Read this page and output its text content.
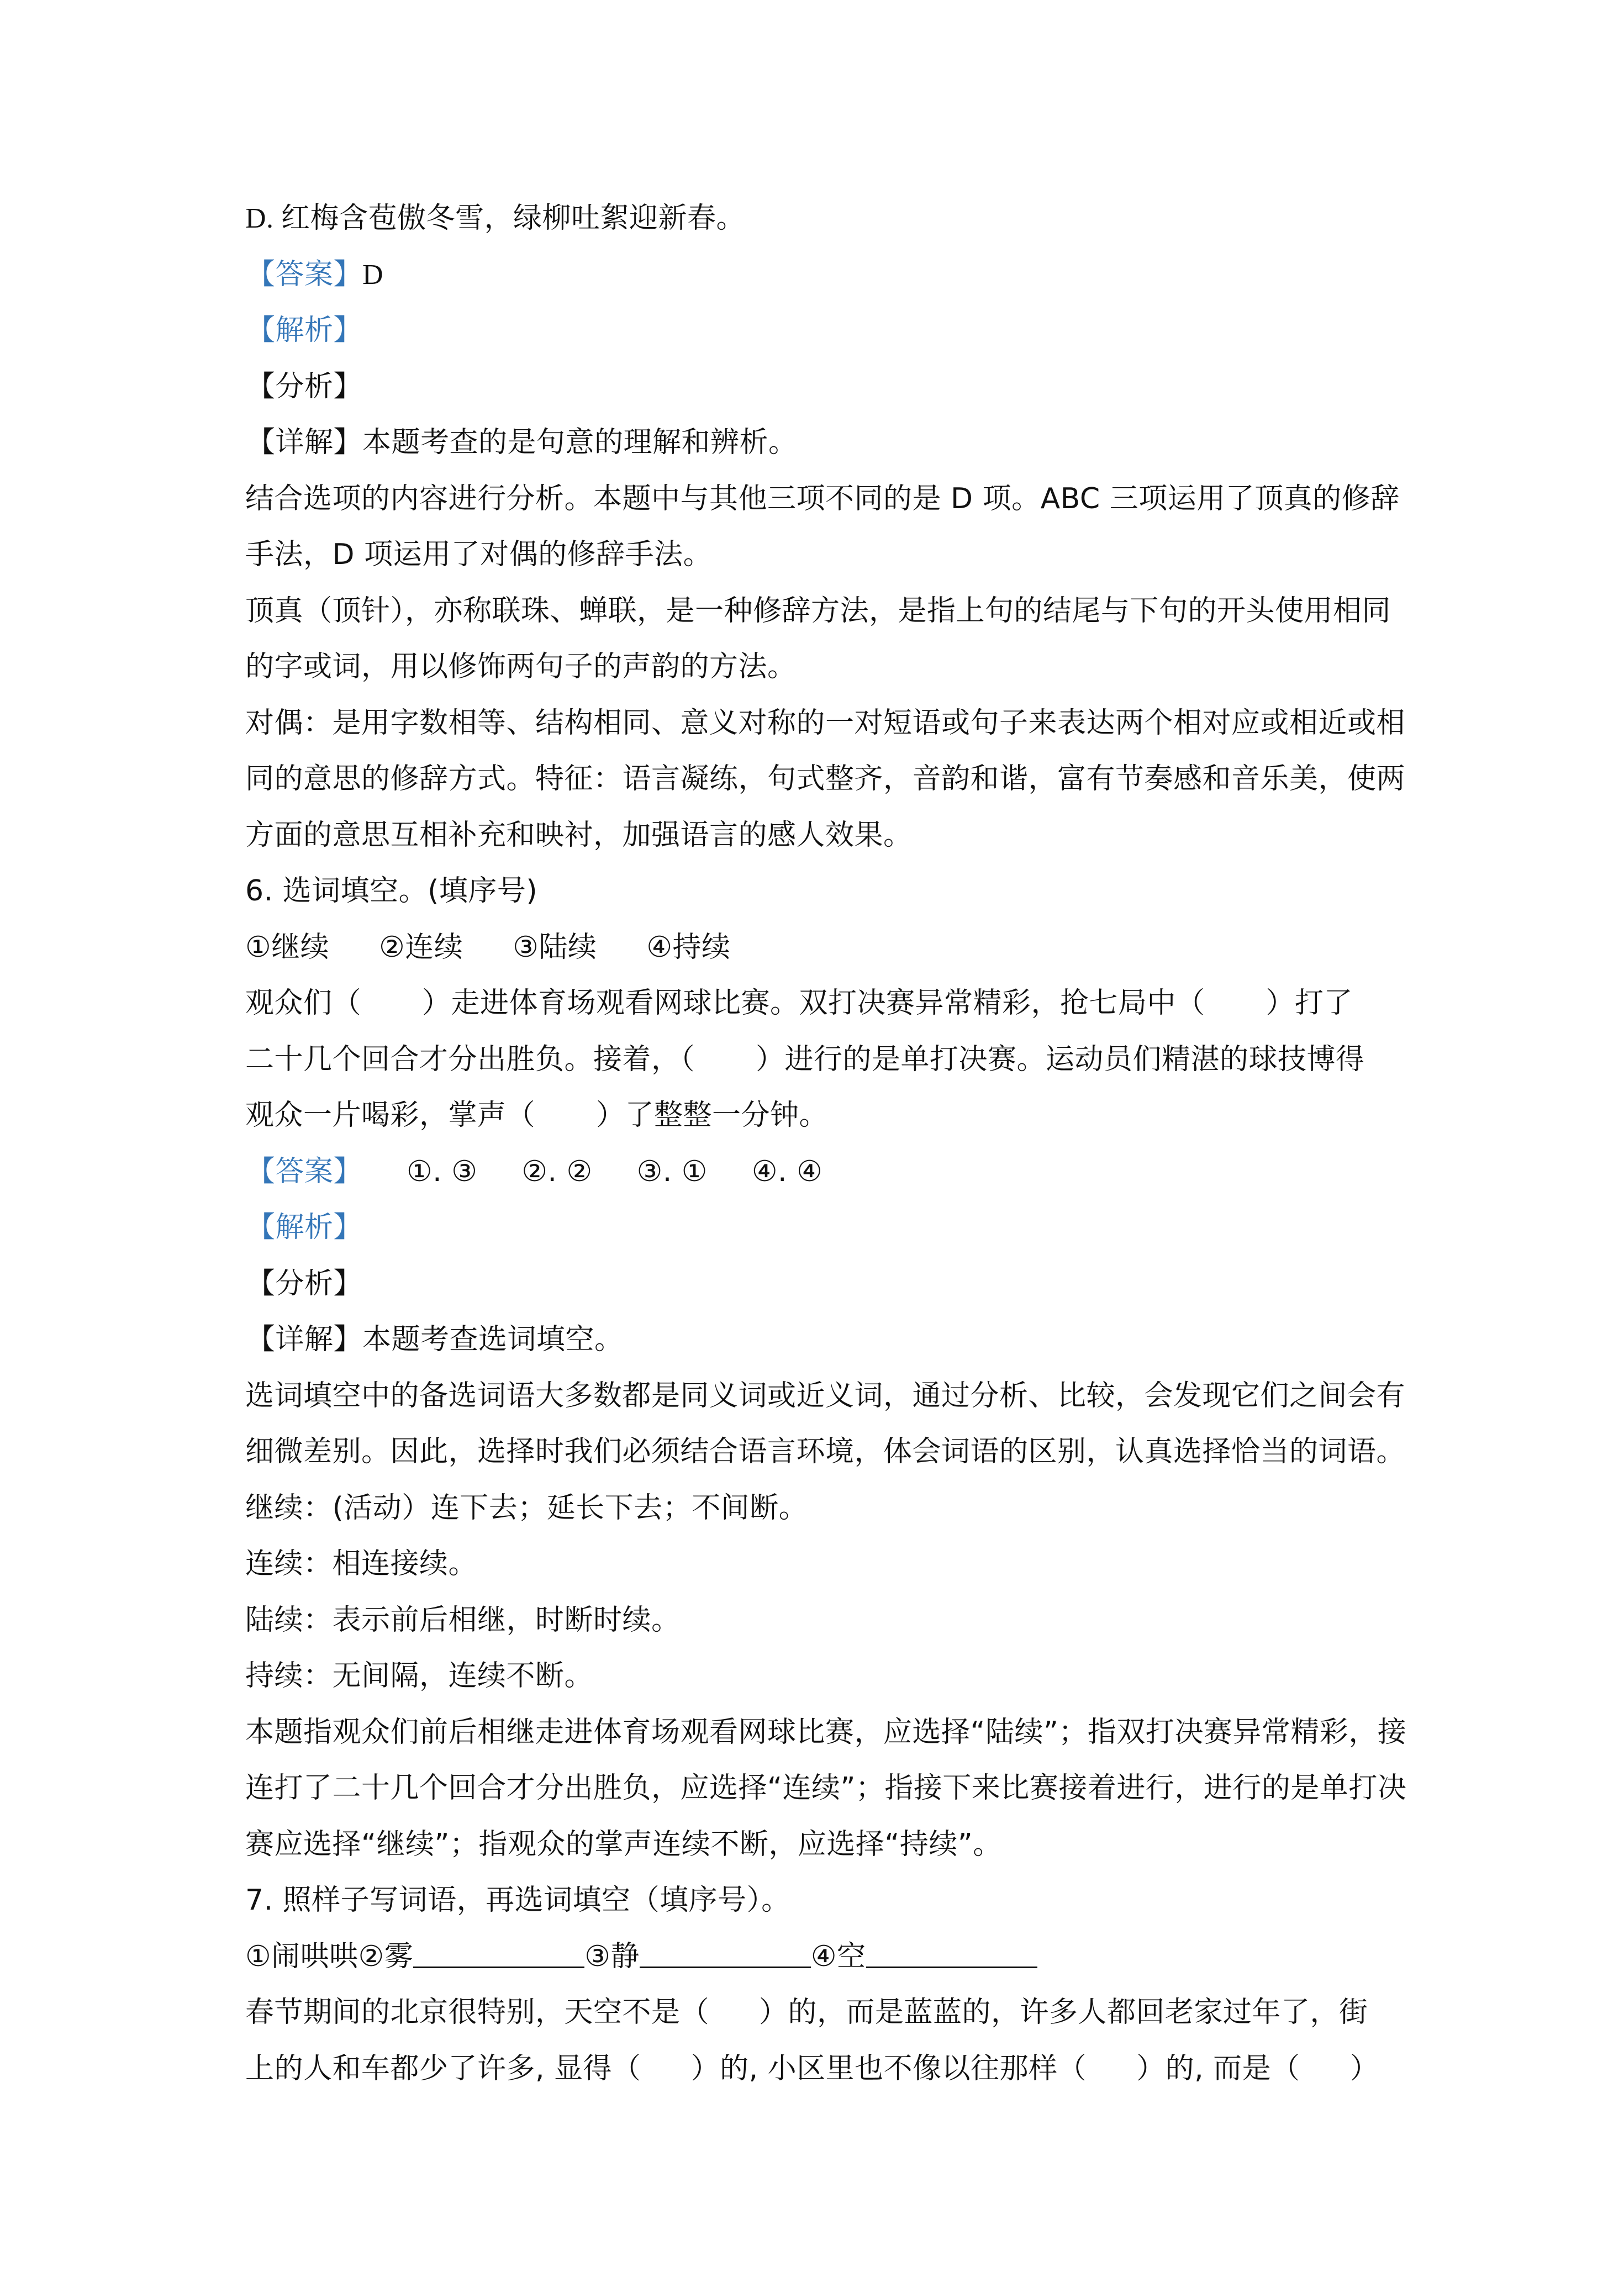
D. 红梅含苞傲冬雪，绿柳吐絮迎新春。
【答案】D
【解析】
【分析】
【详解】本题考查的是句意的理解和辨析。
结合选项的内容进行分析。本题中与其他三项不同的是 D 项。ABC 三项运用了顶真的修辞
手法，D 项运用了对偶的修辞手法。
顶真（顶针），亦称联珠、蝉联，是一种修辞方法，是指上句的结尾与下句的开头使用相同
的字或词，用以修饰两句子的声韵的方法。
对偶：是用字数相等、结构相同、意义对称的一对短语或句子来表达两个相对应或相近或相
同的意思的修辞方式。特征：语言凝练，句式整齐，音韵和谐，富有节奏感和音乐美，使两
方面的意思互相补充和映衬，加强语言的感人效果。
6. 选词填空。(填序号)
①继续 ②连续 ③陆续 ④持续
观众们（ ）走进体育场观看网球比赛。双打决赛异常精彩，抢七局中（ ）打了
二十几个回合才分出胜负。接着，（ ）进行的是单打决赛。运动员们精湛的球技博得
观众一片喝彩，掌声（ ）了整整一分钟。
【答案】 ①. ③ ②. ② ③. ① ④. ④
【解析】
【分析】
【详解】本题考查选词填空。
选词填空中的备选词语大多数都是同义词或近义词，通过分析、比较，会发现它们之间会有
细微差别。因此，选择时我们必须结合语言环境，体会词语的区别，认真选择恰当的词语。
继续：(活动）连下去；延长下去；不间断。
连续：相连接续。
陆续：表示前后相继，时断时续。
持续：无间隔，连续不断。
本题指观众们前后相继走进体育场观看网球比赛，应选择“陆续”；指双打决赛异常精彩，接
连打了二十几个回合才分出胜负，应选择“连续”；指接下来比赛接着进行，进行的是单打决
赛应选择“继续”；指观众的掌声连续不断，应选择“持续”。
7. 照样子写词语，再选词填空（填序号）。
①闹哄哄②雾	③静	④空
春节期间的北京很特别，天空不是（ ）的，而是蓝蓝的，许多人都回老家过年了，街
上的人和车都少了许多, 显得（ ）的, 小区里也不像以往那样（ ）的, 而是（ ）
